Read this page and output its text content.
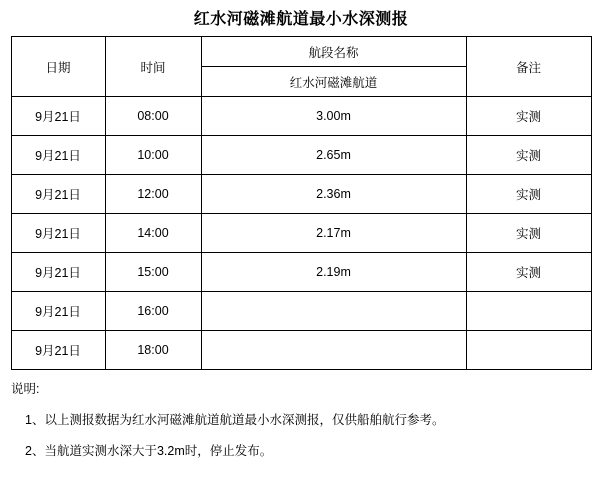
红水河磁滩航道最小水深测报
日期	时间	航段名称	备注
		红水河磁滩航道	
9月21日	08:00	3.00m	实测
9月21日	10:00	2.65m	实测
9月21日	12:00	2.36m	实测
9月21日	14:00	2.17m	实测
9月21日	15:00	2.19m	实测
9月21日	16:00		
9月21日	18:00		
说明:
1、以上测报数据为红水河磁滩航道航道最小水深测报，仅供船舶航行参考。
2、当航道实测水深大于3.2m时，停止发布。
